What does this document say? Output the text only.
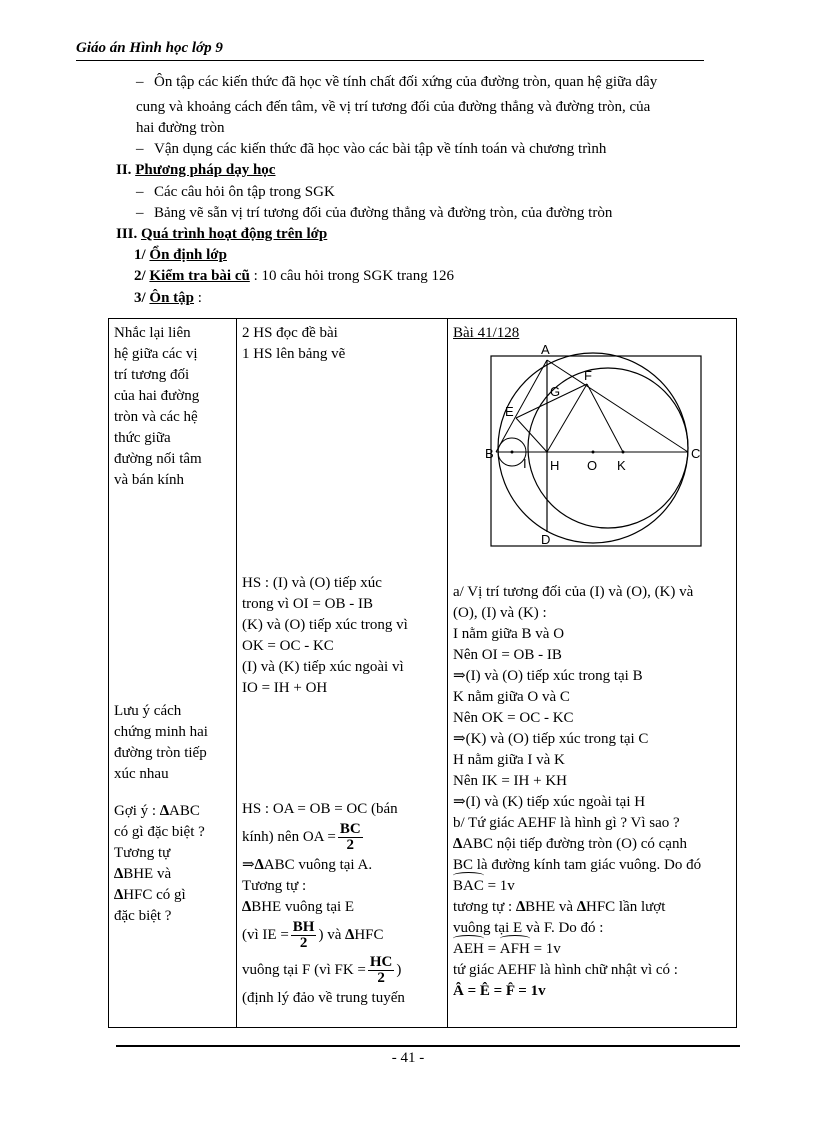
Giáo án Hình học lớp 9
– Ôn tập các kiến thức đã học về tính chất đối xứng của đường tròn, quan hệ giữa dây
cung và khoảng cách đến tâm, về vị trí tương đối của đường thẳng và đường tròn, của
hai đường tròn
– Vận dụng các kiến thức đã học vào các bài tập về tính toán và chương trình
II. Phương pháp dạy học
– Các câu hỏi ôn tập trong SGK
– Bảng vẽ sẵn vị trí tương đối của đường thẳng và đường tròn, của đường tròn
III. Quá trình hoạt động trên lớp
1/ Ổn định lớp
2/ Kiểm tra bài cũ : 10 câu hỏi trong SGK trang 126
3/ Ôn tập :
Nhắc lại liên
hệ giữa các vị
trí tương đối
của hai đường
tròn và các hệ
thức giữa
đường nối tâm
và bán kính
Lưu ý cách
chứng minh hai
đường tròn tiếp
xúc nhau
Gợi ý : ∆ABC
có gì đặc biệt ?
Tương tự
∆BHE và
∆HFC có gì
đặc biệt ?

2 HS đọc đề bài
1 HS lên bảng vẽ
HS : (I) và (O) tiếp xúc
trong vì OI = OB - IB
(K) và (O) tiếp xúc trong vì
OK = OC - KC
(I) và (K) tiếp xúc ngoài vì
IO = IH + OH
HS : OA = OB = OC (bán
kính) nên OA = $\frac{BC}{2}$
⇒∆ABC vuông tại A.
Tương tự :
∆BHE vuông tại E
(vì IE = $\frac{BH}{2}$ ) và ∆HFC
vuông tại F (vì FK = $\frac{HC}{2}$ )
(định lý đảo về trung tuyến

Bài 41/128
A
B	C
D
E
F
G
H
I	O K
a/ Vị trí tương đối của (I) và (O), (K) và
(O), (I) và (K) :
I nằm giữa B và O
Nên OI = OB - IB
⇒(I) và (O) tiếp xúc trong tại B
K nằm giữa O và C
Nên OK = OC - KC
⇒(K) và (O) tiếp xúc trong tại C
H nằm giữa I và K
Nên IK = IH + KH
⇒(I) và (K) tiếp xúc ngoài tại H
b/ Tứ giác AEHF là hình gì ? Vì sao ?
∆ABC nội tiếp đường tròn (O) có cạnh
BC là đường kính tam giác vuông. Do đó
BAC = 1v
tương tự : ∆BHE và ∆HFC lần lượt
vuông tại E và F. Do đó :
AEH = AFH = 1v
tứ giác AEHF là hình chữ nhật vì có :
Â = Ê = F̂ = 1v
- 41 -
